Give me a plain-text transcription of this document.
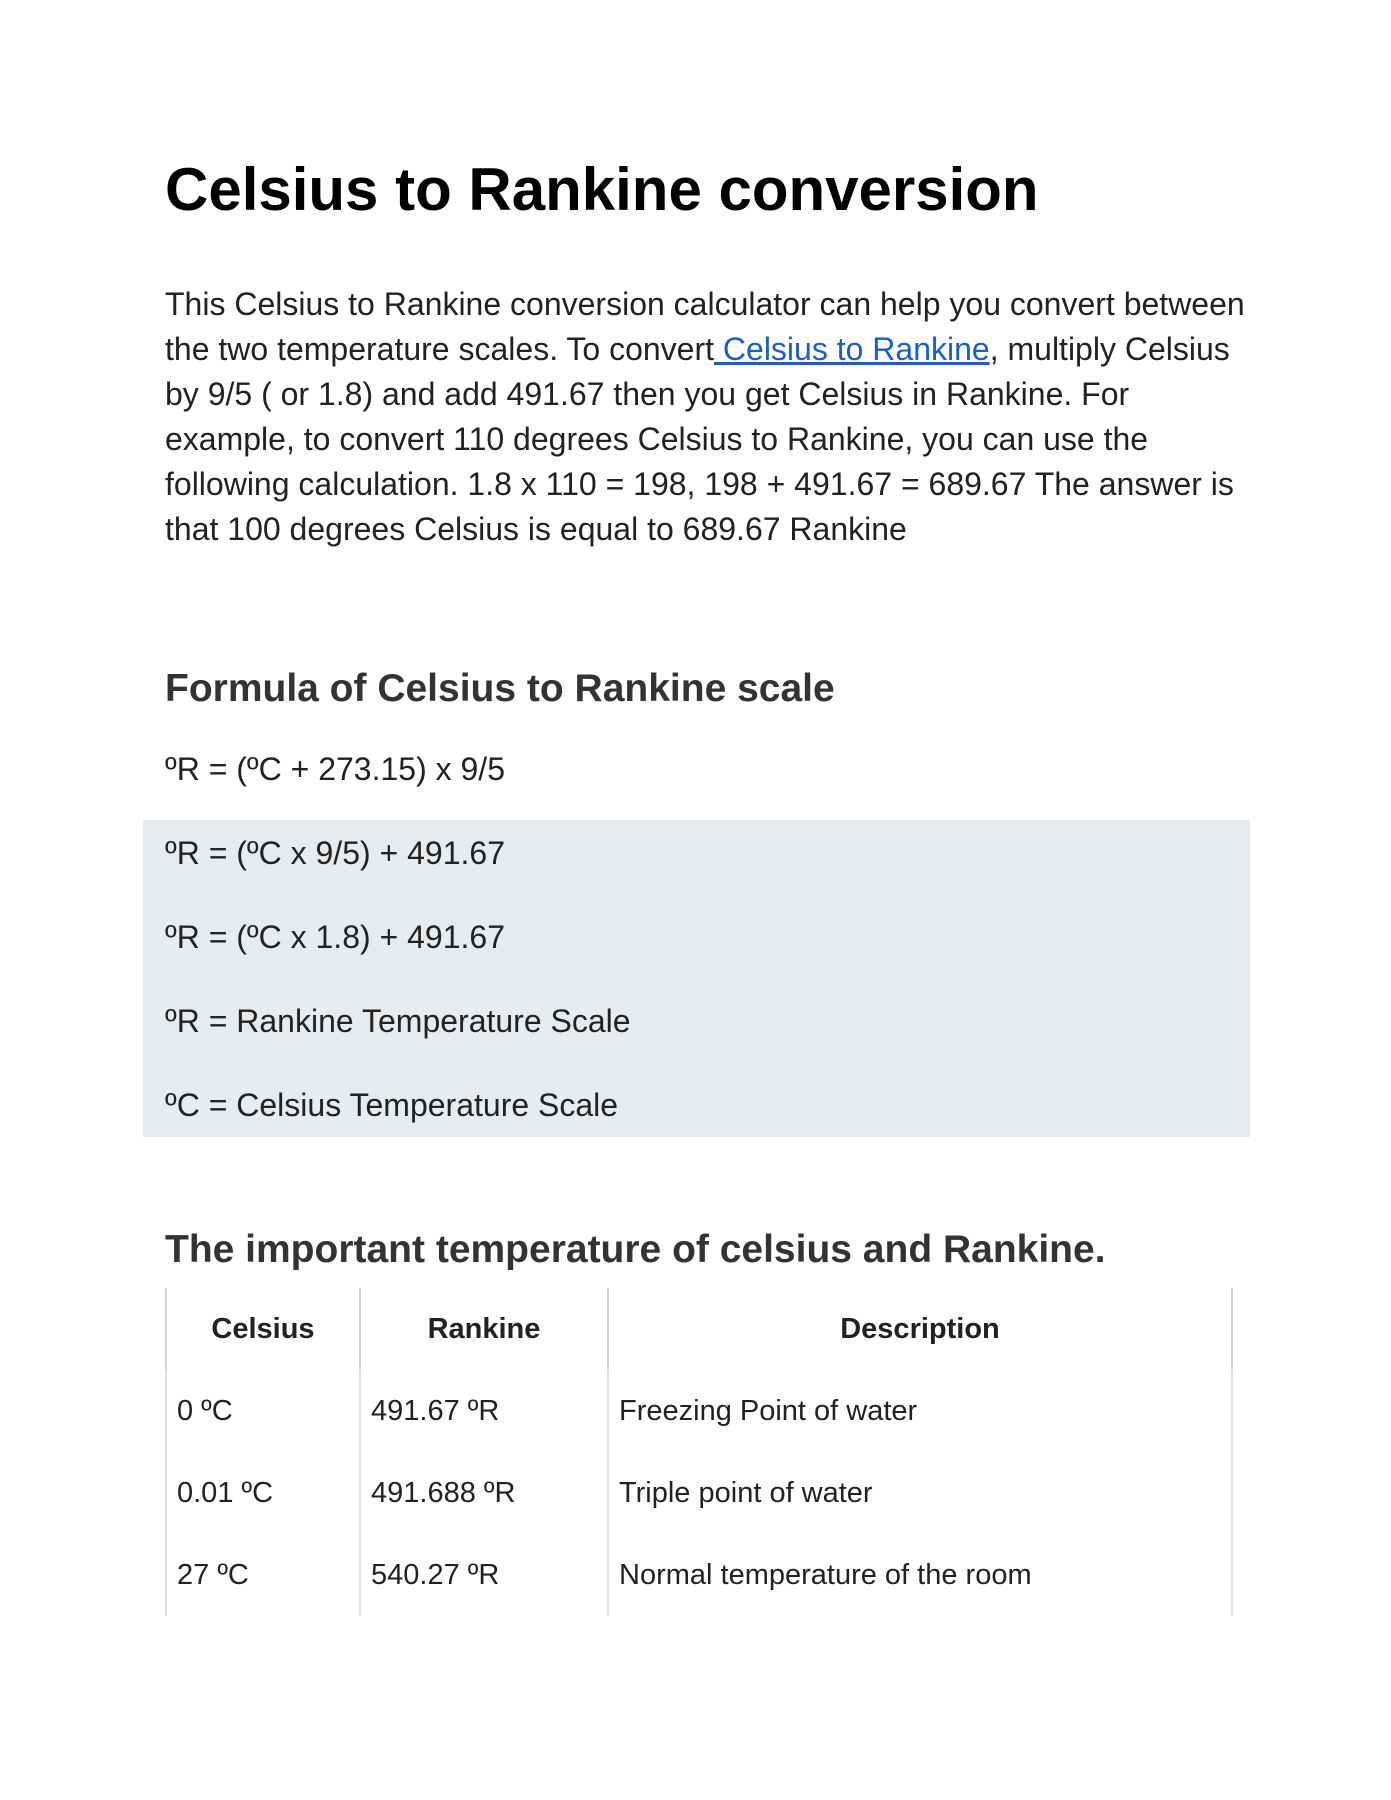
Celsius to Rankine conversion

This Celsius to Rankine conversion calculator can help you convert between the two temperature scales. To convert Celsius to Rankine, multiply Celsius by 9/5 ( or 1.8) and add 491.67 then you get Celsius in Rankine. For example, to convert 110 degrees Celsius to Rankine, you can use the following calculation. 1.8 x 110 = 198, 198 + 491.67 = 689.67 The answer is that 100 degrees Celsius is equal to 689.67 Rankine

Formula of Celsius to Rankine scale

ºR = (ºC + 273.15) x 9/5

ºR = (ºC x 9/5) + 491.67

ºR = (ºC x 1.8) + 491.67

ºR = Rankine Temperature Scale

ºC = Celsius Temperature Scale

The important temperature of celsius and Rankine.
Celsius	Rankine	Description
0 ºC	491.67 ºR	Freezing Point of water
0.01 ºC	491.688 ºR	Triple point of water
27 ºC	540.27 ºR	Normal temperature of the room
